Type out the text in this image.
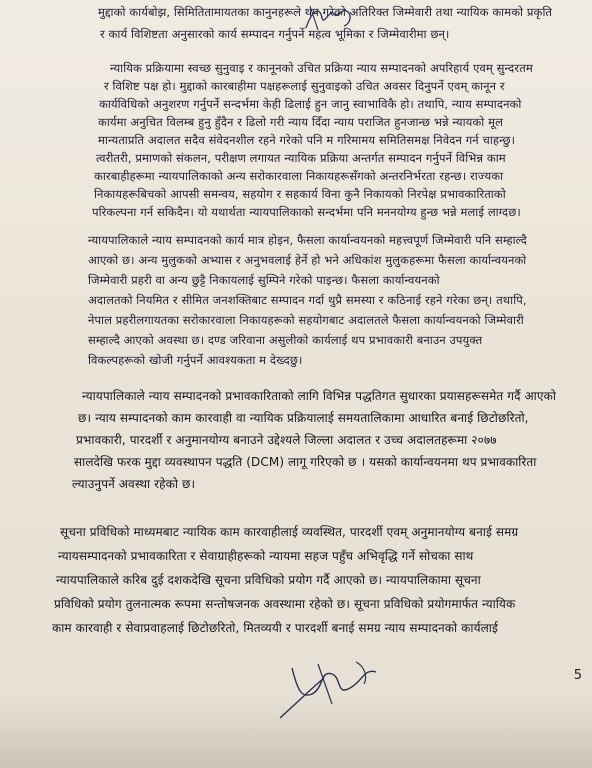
मुद्दाको कार्यबोझ, सिमितितामायतका कानुनहरूले थप गरेको अतिरिक्त जिम्मेवारी तथा न्यायिक कामको प्रकृति
र कार्य विशिष्टता अनुसारको कार्य सम्पादन गर्नुपर्ने महत्व भूमिका र जिम्मेवारीमा छन्।
न्यायिक प्रक्रियामा स्वच्छ सुनुवाइ र कानूनको उचित प्रक्रिया न्याय सम्पादनको अपरिहार्य एवम् सुन्दरतम
र विशिष्ट पक्ष हो। मुद्दाको कारबाहीमा पक्षहरूलाई सुनुवाइको उचित अवसर दिनुपर्ने एवम् कानून र
कार्यविधिको अनुशरण गर्नुपर्ने सन्दर्भमा केही ढिलाई हुन जानु स्वाभाविकै हो। तथापि, न्याय सम्पादनको
कार्यमा अनुचित विलम्ब हुनु हुँदैन र ढिलो गरी न्याय दिँदा न्याय पराजित हुनजान्छ भन्ने न्यायको मूल
मान्यताप्रति अदालत सदैव संवेदनशील रहने गरेको पनि म गरिमामय समितिसमक्ष निवेदन गर्न चाहन्छु।
त्वरीतरी, प्रमाणको संकलन, परीक्षण लगायत न्यायिक प्रक्रिया अन्तर्गत सम्पादन गर्नुपर्ने विभिन्न काम
कारबाहीहरूमा न्यायपालिकाको अन्य सरोकारवाला निकायहरूसँगको अन्तरनिर्भरता रहन्छ। राज्यका
निकायहरूबिचको आपसी समन्वय, सहयोग र सहकार्य विना कुनै निकायको निरपेक्ष प्रभावकारिताको
परिकल्पना गर्न सकिदैन। यो यथार्थता न्यायपालिकाको सन्दर्भमा पनि मननयोग्य हुन्छ भन्ने मलाई लाग्दछ।
न्यायपालिकाले न्याय सम्पादनको कार्य मात्र होइन, फैसला कार्यान्वयनको महत्त्वपूर्ण जिम्मेवारी पनि सम्हाल्दै
आएको छ। अन्य मुलुकको अभ्यास र अनुभवलाई हेर्ने हो भने अधिकांश मुलुकहरूमा फैसला कार्यान्वयनको
जिम्मेवारी प्रहरी वा अन्य छुट्टै निकायलाई सुम्पिने गरेको पाइन्छ। फैसला कार्यान्वयनको
अदालतको नियमित र सीमित जनशक्तिबाट सम्पादन गर्दा थुप्रै समस्या र कठिनाई रहने गरेका छन्। तथापि,
नेपाल प्रहरीलगायतका सरोकारवाला निकायहरूको सहयोगबाट अदालतले फैसला कार्यान्वयनको जिम्मेवारी
सम्हाल्दै आएको अवस्था छ। दण्ड जरिवाना असुलीको कार्यलाई थप प्रभावकारी बनाउन उपयुक्त
विकल्पहरूको खोजी गर्नुपर्ने आवश्यकता म देख्दछु।
न्यायपालिकाले न्याय सम्पादनको प्रभावकारिताको लागि विभिन्न पद्धतिगत सुधारका प्रयासहरूसमेत गर्दै आएको
छ। न्याय सम्पादनको काम कारवाही वा न्यायिक प्रक्रियालाई समयतालिकामा आधारित बनाई छिटोछरितो,
प्रभावकारी, पारदर्शी र अनुमानयोग्य बनाउने उद्देश्यले जिल्ला अदालत र उच्च अदालतहरूमा २०७७
सालदेखि फरक मुद्दा व्यवस्थापन पद्धति (DCM) लागू गरिएको छ । यसको कार्यान्वयनमा थप प्रभावकारिता
ल्याउनुपर्ने अवस्था रहेको छ।
सूचना प्रविधिको माध्यमबाट न्यायिक काम कारवाहीलाई व्यवस्थित, पारदर्शी एवम् अनुमानयोग्य बनाई समग्र
न्यायसम्पादनको प्रभावकारिता र सेवाग्राहीहरूको न्यायमा सहज पहुँच अभिवृद्धि गर्ने सोचका साथ
न्यायपालिकाले करिब दुई दशकदेखि सूचना प्रविधिको प्रयोग गर्दै आएको छ। न्यायपालिकामा सूचना
प्रविधिको प्रयोग तुलनात्मक रूपमा सन्तोषजनक अवस्थामा रहेको छ। सूचना प्रविधिको प्रयोगमार्फत न्यायिक
काम कारवाही र सेवाप्रवाहलाई छिटोछरितो, मितव्ययी र पारदर्शी बनाई समग्र न्याय सम्पादनको कार्यलाई
5
